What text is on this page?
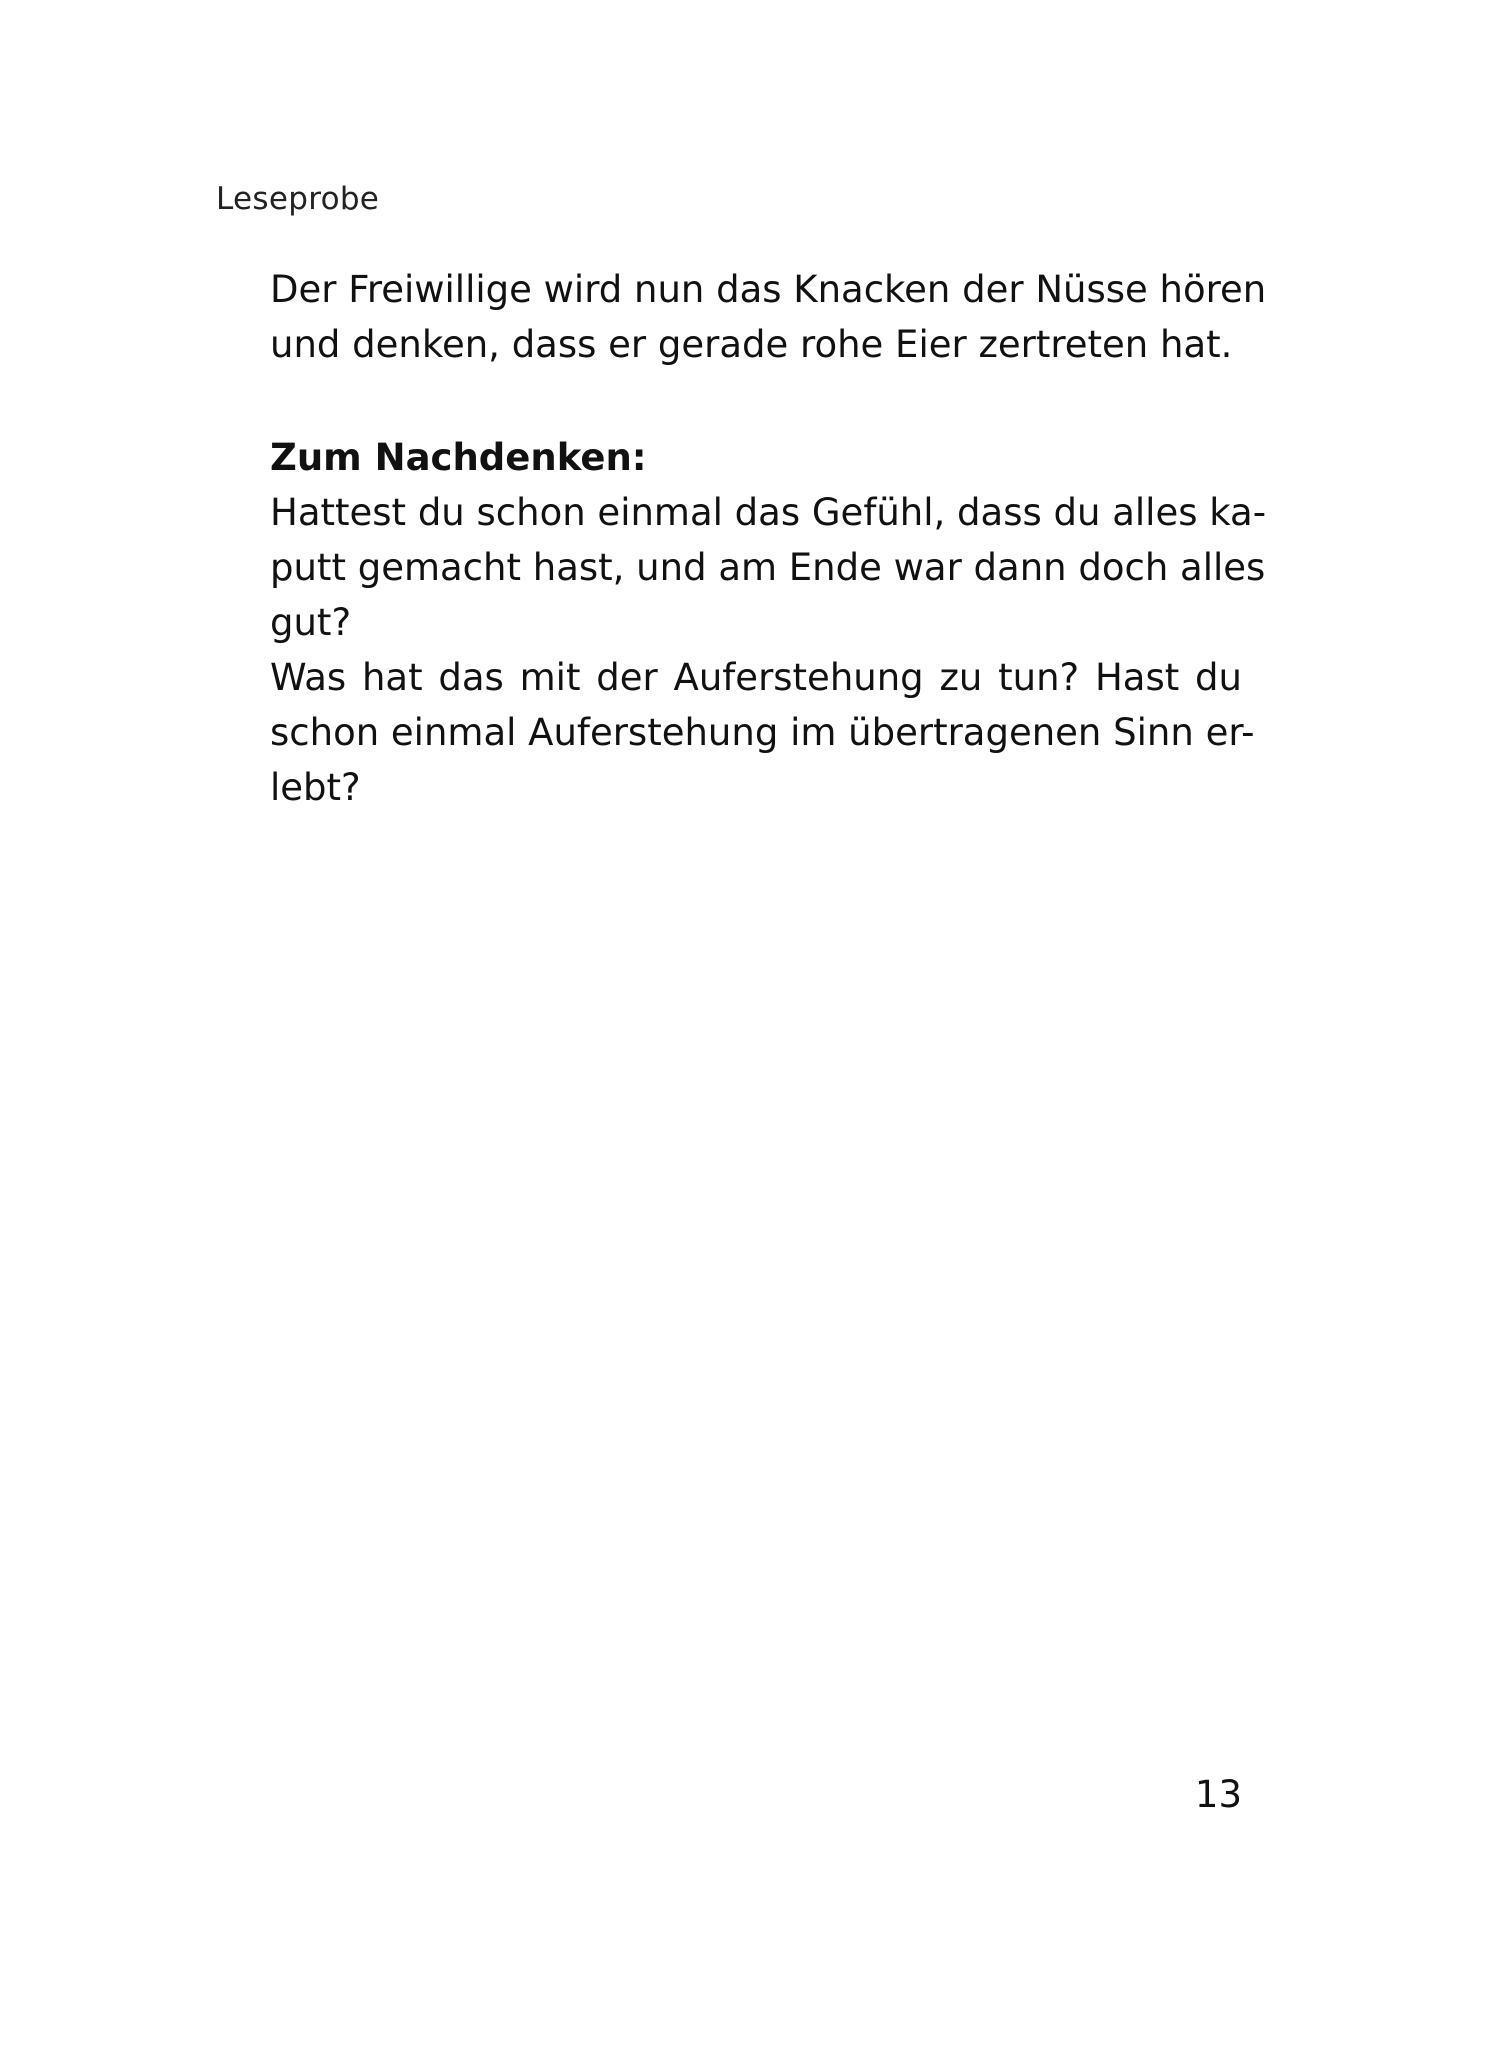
Leseprobe
Der Freiwillige wird nun das Knacken der Nüsse hören
und denken, dass er gerade rohe Eier zertreten hat.
Zum Nachdenken:
Hattest du schon einmal das Gefühl, dass du alles ka-
putt gemacht hast, und am Ende war dann doch alles
gut?
Was hat das mit der Auferstehung zu tun? Hast du
schon einmal Auferstehung im übertragenen Sinn er-
lebt?
13
